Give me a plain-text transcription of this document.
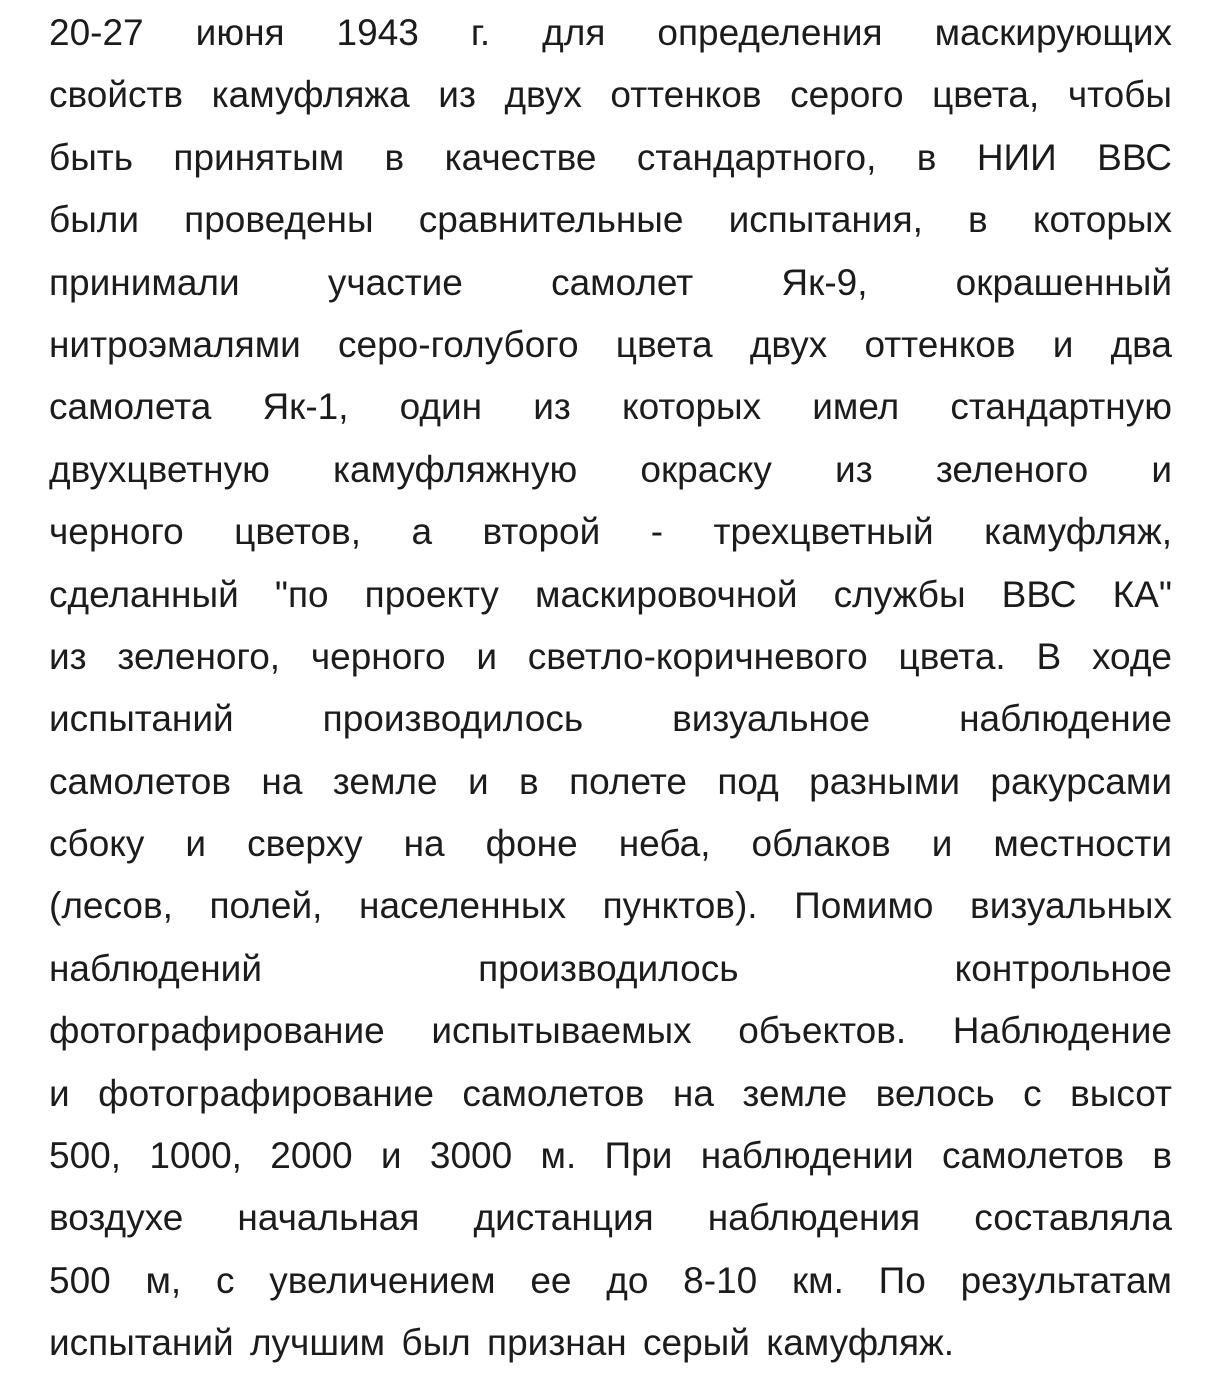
20-27 июня 1943 г. для определения маскирующих
свойств камуфляжа из двух оттенков серого цвета, чтобы
быть принятым в качестве стандартного, в НИИ ВВС
были проведены сравнительные испытания, в которых
принимали участие самолет Як-9, окрашенный
нитроэмалями серо-голубого цвета двух оттенков и два
самолета Як-1, один из которых имел стандартную
двухцветную камуфляжную окраску из зеленого и
черного цветов, а второй - трехцветный камуфляж,
сделанный "по проекту маскировочной службы ВВС КА"
из зеленого, черного и светло-коричневого цвета. В ходе
испытаний производилось визуальное наблюдение
самолетов на земле и в полете под разными ракурсами
сбоку и сверху на фоне неба, облаков и местности
(лесов, полей, населенных пунктов). Помимо визуальных
наблюдений производилось контрольное
фотографирование испытываемых объектов. Наблюдение
и фотографирование самолетов на земле велось с высот
500, 1000, 2000 и 3000 м. При наблюдении самолетов в
воздухе начальная дистанция наблюдения составляла
500 м, с увеличением ее до 8-10 км. По результатам
испытаний лучшим был признан серый камуфляж.
